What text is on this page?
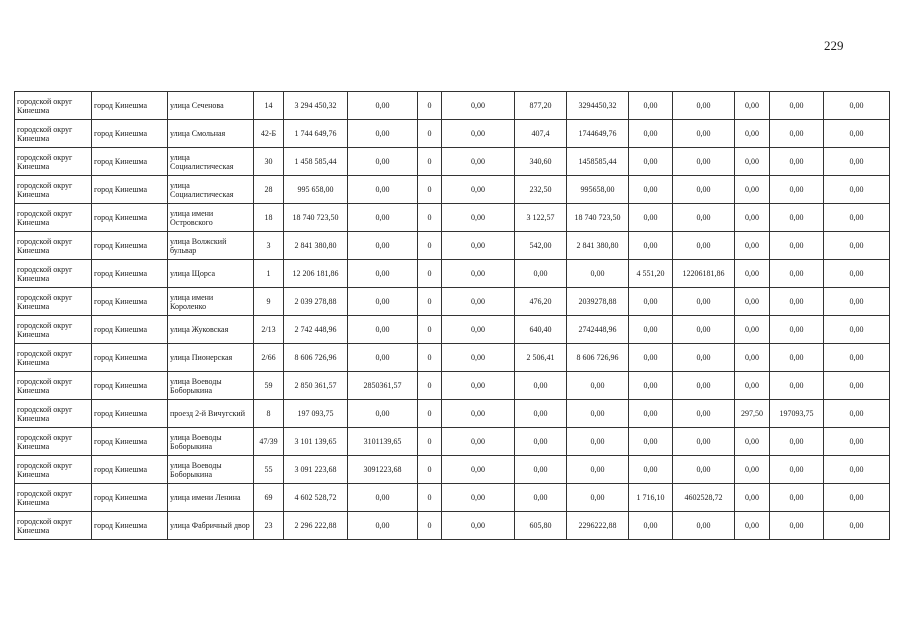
229
городской округ Кинешма	город Кинешма	улица Сеченова	14	3 294 450,32	0,00	0	0,00	877,20	3294450,32	0,00	0,00	0,00	0,00	0,00
городской округ Кинешма	город Кинешма	улица Смольная	42-Б	1 744 649,76	0,00	0	0,00	407,4	1744649,76	0,00	0,00	0,00	0,00	0,00
городской округ Кинешма	город Кинешма	улица Социалистическая	30	1 458 585,44	0,00	0	0,00	340,60	1458585,44	0,00	0,00	0,00	0,00	0,00
городской округ Кинешма	город Кинешма	улица Социалистическая	28	995 658,00	0,00	0	0,00	232,50	995658,00	0,00	0,00	0,00	0,00	0,00
городской округ Кинешма	город Кинешма	улица имени Островского	18	18 740 723,50	0,00	0	0,00	3 122,57	18 740 723,50	0,00	0,00	0,00	0,00	0,00
городской округ Кинешма	город Кинешма	улица Волжский бульвар	3	2 841 380,80	0,00	0	0,00	542,00	2 841 380,80	0,00	0,00	0,00	0,00	0,00
городской округ Кинешма	город Кинешма	улица Щорса	1	12 206 181,86	0,00	0	0,00	0,00	0,00	4 551,20	12206181,86	0,00	0,00	0,00
городской округ Кинешма	город Кинешма	улица имени Короленко	9	2 039 278,88	0,00	0	0,00	476,20	2039278,88	0,00	0,00	0,00	0,00	0,00
городской округ Кинешма	город Кинешма	улица Жуковская	2/13	2 742 448,96	0,00	0	0,00	640,40	2742448,96	0,00	0,00	0,00	0,00	0,00
городской округ Кинешма	город Кинешма	улица Пионерская	2/66	8 606 726,96	0,00	0	0,00	2 506,41	8 606 726,96	0,00	0,00	0,00	0,00	0,00
городской округ Кинешма	город Кинешма	улица Воеводы Боборыкина	59	2 850 361,57	2850361,57	0	0,00	0,00	0,00	0,00	0,00	0,00	0,00	0,00
городской округ Кинешма	город Кинешма	проезд 2-й Вичугский	8	197 093,75	0,00	0	0,00	0,00	0,00	0,00	0,00	297,50	197093,75	0,00
городской округ Кинешма	город Кинешма	улица Воеводы Боборыкина	47/39	3 101 139,65	3101139,65	0	0,00	0,00	0,00	0,00	0,00	0,00	0,00	0,00
городской округ Кинешма	город Кинешма	улица Воеводы Боборыкина	55	3 091 223,68	3091223,68	0	0,00	0,00	0,00	0,00	0,00	0,00	0,00	0,00
городской округ Кинешма	город Кинешма	улица имени Ленина	69	4 602 528,72	0,00	0	0,00	0,00	0,00	1 716,10	4602528,72	0,00	0,00	0,00
городской округ Кинешма	город Кинешма	улица Фабричный двор	23	2 296 222,88	0,00	0	0,00	605,80	2296222,88	0,00	0,00	0,00	0,00	0,00
